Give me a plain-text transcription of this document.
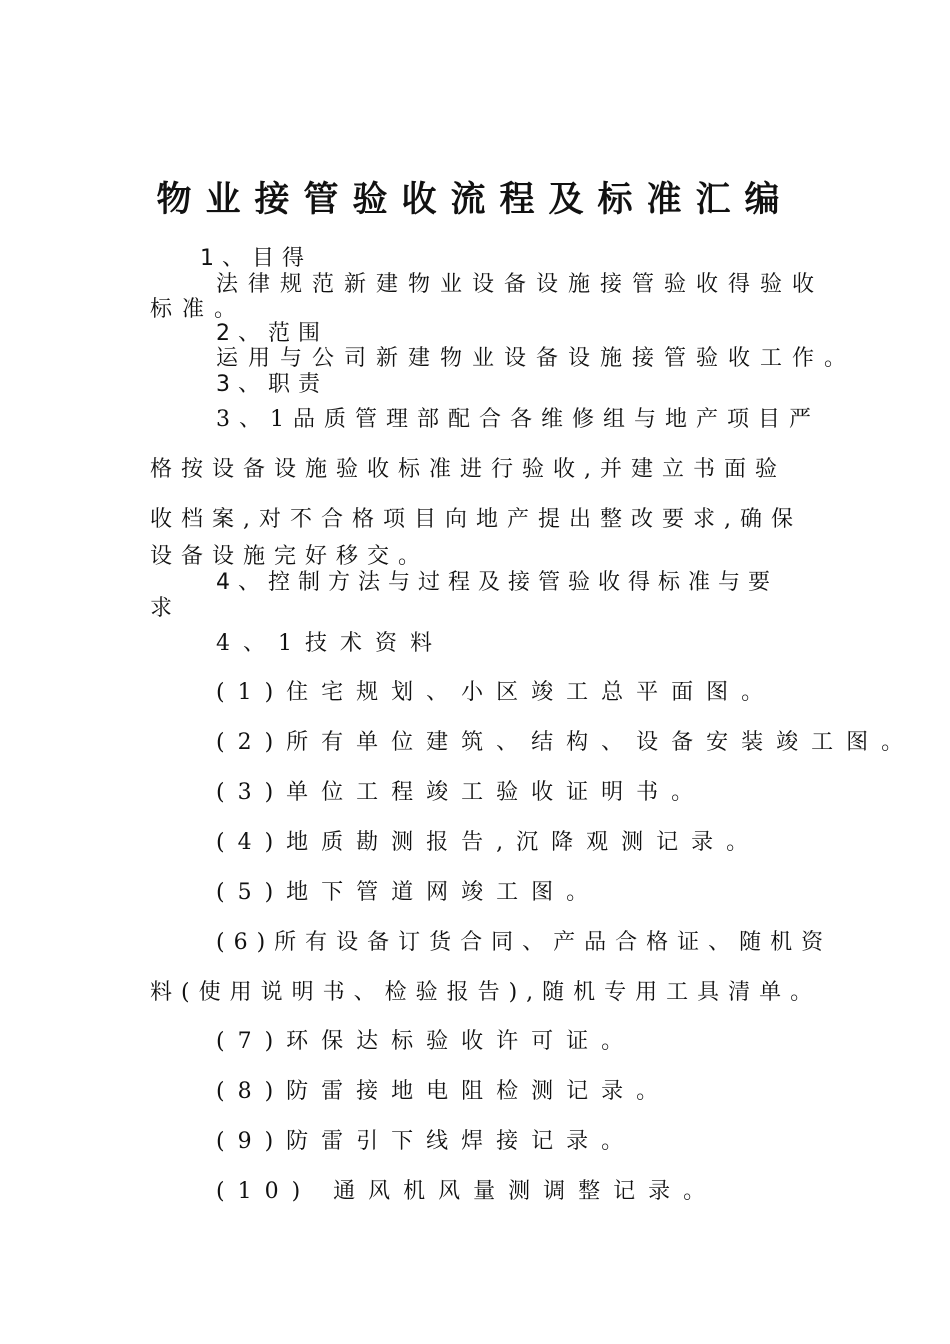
物业接管验收流程及标准汇编
1、目得
法律规范新建物业设备设施接管验收得验收
标准。
2、范围
运用与公司新建物业设备设施接管验收工作。
3、职责
3、1品质管理部配合各维修组与地产项目严
格按设备设施验收标准进行验收,并建立书面验
收档案,对不合格项目向地产提出整改要求,确保
设备设施完好移交。
4、控制方法与过程及接管验收得标准与要
求
4、1技术资料
(1)住宅规划、小区竣工总平面图。
(2)所有单位建筑、结构、设备安装竣工图。
(3)单位工程竣工验收证明书。
(4)地质勘测报告,沉降观测记录。
(5)地下管道网竣工图。
(6)所有设备订货合同、产品合格证、随机资
料(使用说明书、检验报告),随机专用工具清单。
(7)环保达标验收许可证。
(8)防雷接地电阻检测记录。
(9)防雷引下线焊接记录。
(10) 通风机风量测调整记录。
